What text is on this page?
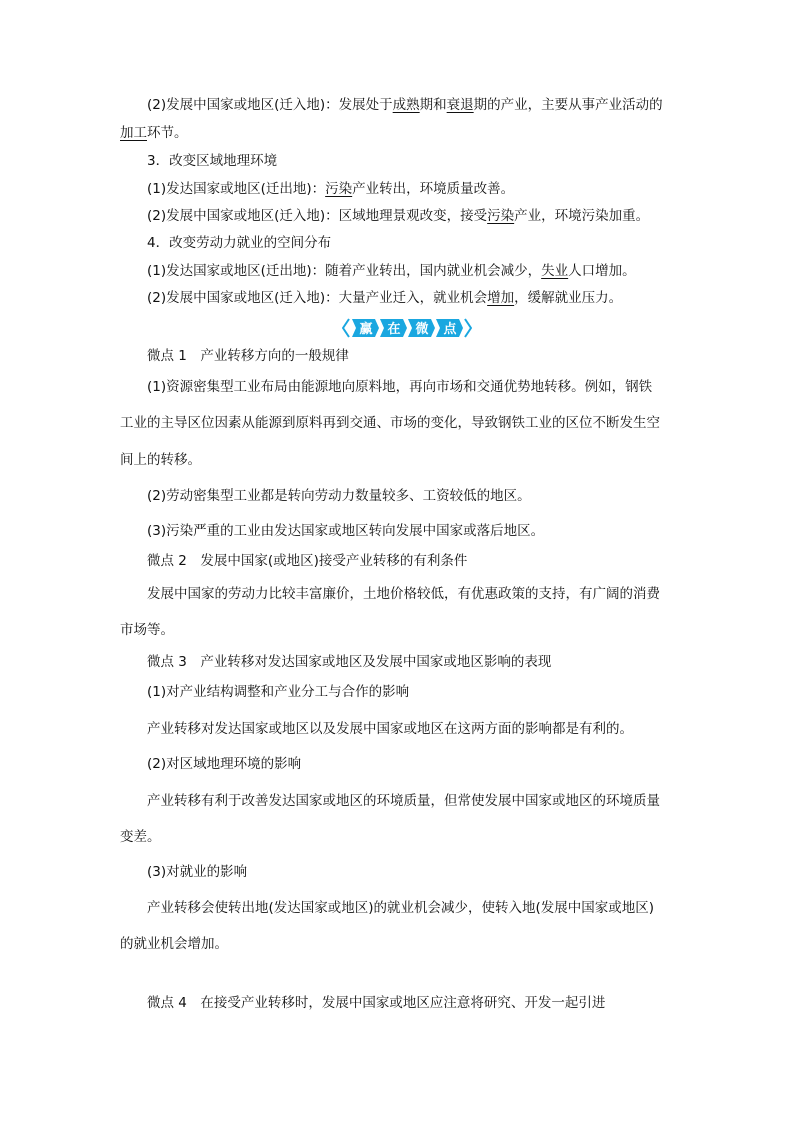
(2)发展中国家或地区(迁入地)：发展处于成熟期和衰退期的产业，主要从事产业活动的
加工环节。
3．改变区域地理环境
(1)发达国家或地区(迁出地)：污染产业转出，环境质量改善。
(2)发展中国家或地区(迁入地)：区域地理景观改变，接受污染产业，环境污染加重。
4．改变劳动力就业的空间分布
(1)发达国家或地区(迁出地)：随着产业转出，国内就业机会减少，失业人口增加。
(2)发展中国家或地区(迁入地)：大量产业迁入，就业机会增加，缓解就业压力。
赢 在 微 点
微点 1　产业转移方向的一般规律
(1)资源密集型工业布局由能源地向原料地，再向市场和交通优势地转移。例如，钢铁
工业的主导区位因素从能源到原料再到交通、市场的变化，导致钢铁工业的区位不断发生空
间上的转移。
(2)劳动密集型工业都是转向劳动力数量较多、工资较低的地区。
(3)污染严重的工业由发达国家或地区转向发展中国家或落后地区。
微点 2　发展中国家(或地区)接受产业转移的有利条件
发展中国家的劳动力比较丰富廉价，土地价格较低，有优惠政策的支持，有广阔的消费
市场等。
微点 3　产业转移对发达国家或地区及发展中国家或地区影响的表现
(1)对产业结构调整和产业分工与合作的影响
产业转移对发达国家或地区以及发展中国家或地区在这两方面的影响都是有利的。
(2)对区域地理环境的影响
产业转移有利于改善发达国家或地区的环境质量，但常使发展中国家或地区的环境质量
变差。
(3)对就业的影响
产业转移会使转出地(发达国家或地区)的就业机会减少，使转入地(发展中国家或地区)
的就业机会增加。
微点 4　在接受产业转移时，发展中国家或地区应注意将研究、开发一起引进
